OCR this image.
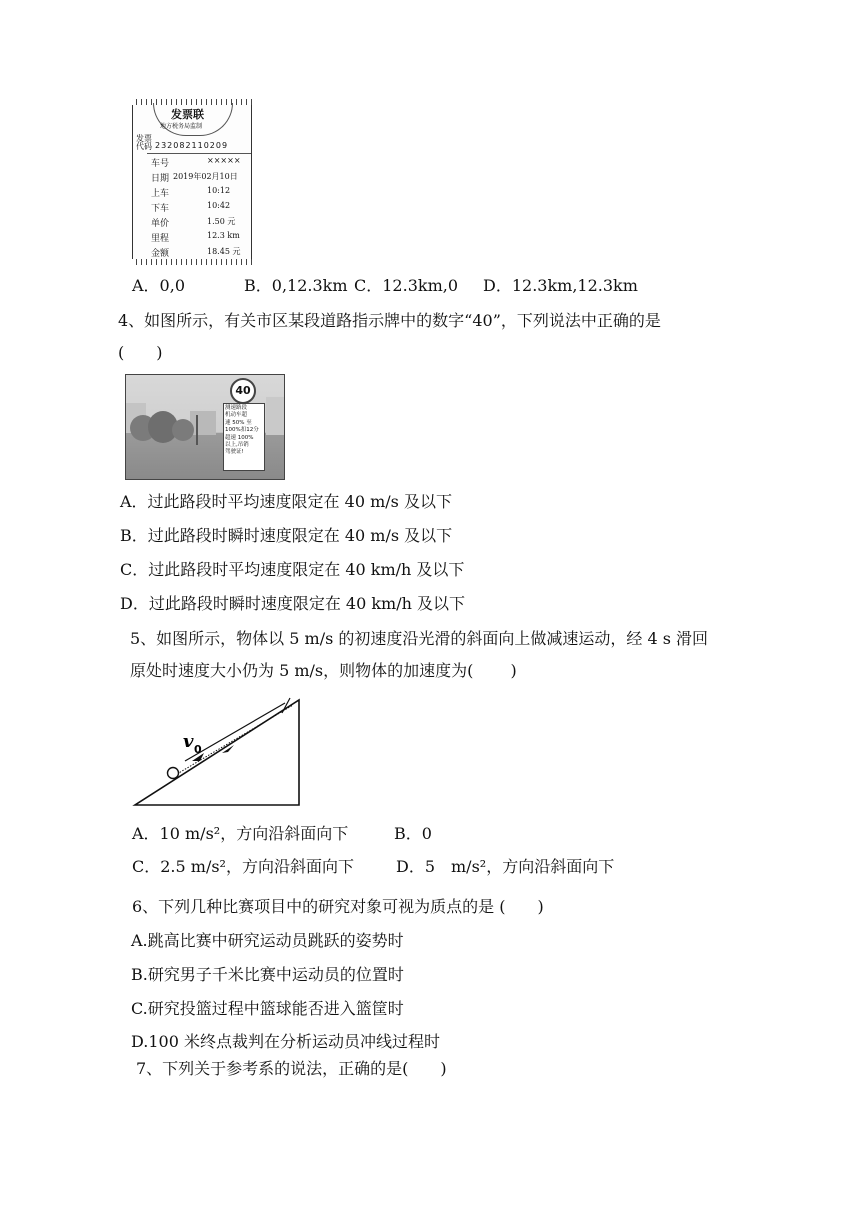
发票联
地方税务局监制
发票
代码 232082110209
车号	×××××
日期 2019年02月10日
上车	10:12
下车	10:42
单价	1.50 元
里程	12.3 km
金额	18.45 元
A．0,0	B．0,12.3km C．12.3km,0 D．12.3km,12.3km
4、如图所示，有关市区某段道路指示牌中的数字“40”，下列说法中正确的是
(　　)
40
测速路段
机动车超
速 50% 至
100%扣12分
超速 100%
以上,吊销
驾驶证!
A．过此路段时平均速度限定在 40 m/s 及以下
B．过此路段时瞬时速度限定在 40 m/s 及以下
C．过此路段时平均速度限定在 40 km/h 及以下
D．过此路段时瞬时速度限定在 40 km/h 及以下
5、如图所示，物体以 5 m/s 的初速度沿光滑的斜面向上做减速运动，经 4 s 滑回
原处时速度大小仍为 5 m/s，则物体的加速度为(　　 )
v 0
A．10 m/s²，方向沿斜面向下	B．0
C．2.5 m/s²，方向沿斜面向下	D．5　m/s²，方向沿斜面向下
6、下列几种比赛项目中的研究对象可视为质点的是 (　　)
A.跳高比赛中研究运动员跳跃的姿势时
B.研究男子千米比赛中运动员的位置时
C.研究投篮过程中篮球能否进入篮筐时
D.100 米终点裁判在分析运动员冲线过程时
7、下列关于参考系的说法，正确的是(　　)
